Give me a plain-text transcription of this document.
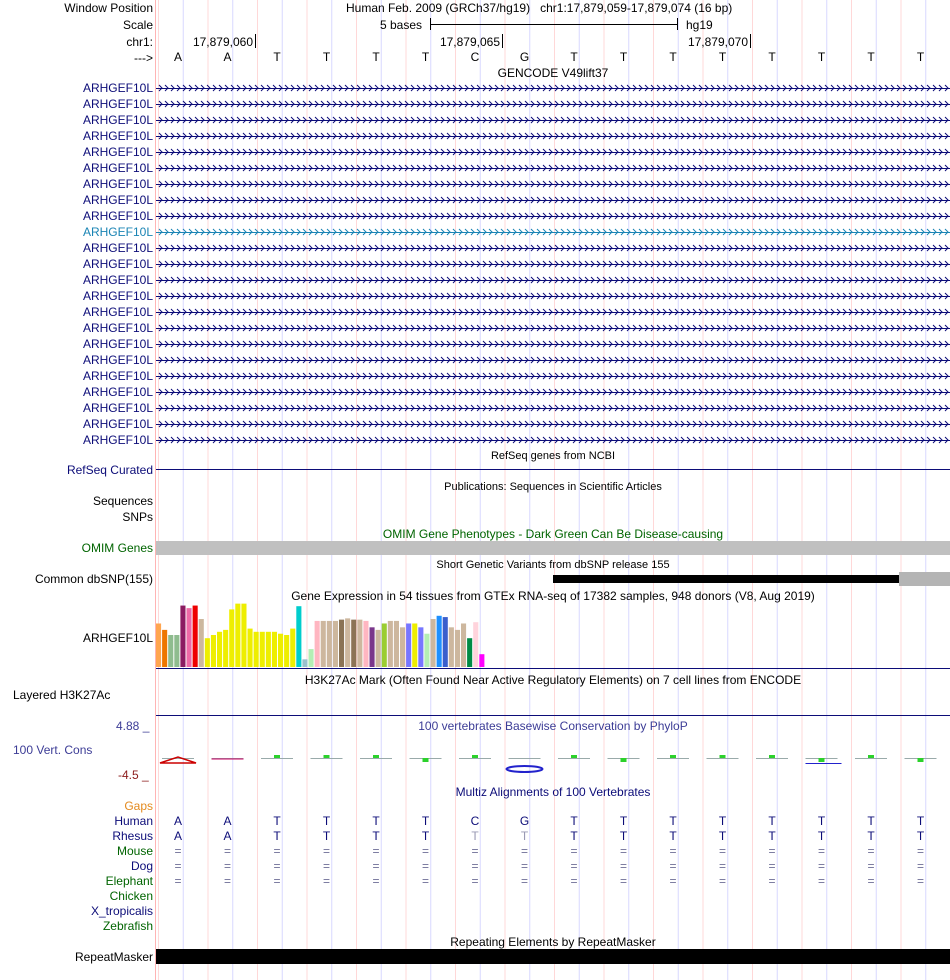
Window Position	Human Feb. 2009 (GRCh37/hg19) chr1:17,879,059-17,879,074 (16 bp)
Scale	5 bases	hg19
chr1:	17,879,060	17,879,065	17,879,070
--->	A	A	T	T	T	T	C	G	T	T	T	T	T	T	T	T
GENCODE V49lift37
ARHGEF10L
ARHGEF10L
ARHGEF10L
ARHGEF10L
ARHGEF10L
ARHGEF10L
ARHGEF10L
ARHGEF10L
ARHGEF10L
ARHGEF10L
ARHGEF10L
ARHGEF10L
ARHGEF10L
ARHGEF10L
ARHGEF10L
ARHGEF10L
ARHGEF10L
ARHGEF10L
ARHGEF10L
ARHGEF10L
ARHGEF10L
ARHGEF10L
ARHGEF10L
RefSeq genes from NCBI
RefSeq Curated
Publications: Sequences in Scientific Articles
Sequences
SNPs
OMIM Gene Phenotypes - Dark Green Can Be Disease-causing
OMIM Genes
Short Genetic Variants from dbSNP release 155
Common dbSNP(155)
Gene Expression in 54 tissues from GTEx RNA-seq of 17382 samples, 948 donors (V8, Aug 2019)
ARHGEF10L
H3K27Ac Mark (Often Found Near Active Regulatory Elements) on 7 cell lines from ENCODE
Layered H3K27Ac
100 vertebrates Basewise Conservation by PhyloP
4.88 _
100 Vert. Cons
-4.5 _
Multiz Alignments of 100 Vertebrates
Gaps
Human	A	A	T	T	T	T	C	G	T	T	T	T	T	T	T	T
Rhesus	A	A	T	T	T	T	T	T	T	T	T	T	T	T	T	T
Mouse	=	=	=	=	=	=	=	=	=	=	=	=	=	=	=	=
Dog	=	=	=	=	=	=	=	=	=	=	=	=	=	=	=	=
Elephant	=	=	=	=	=	=	=	=	=	=	=	=	=	=	=	=
Chicken
X_tropicalis
Zebrafish
Repeating Elements by RepeatMasker
RepeatMasker
